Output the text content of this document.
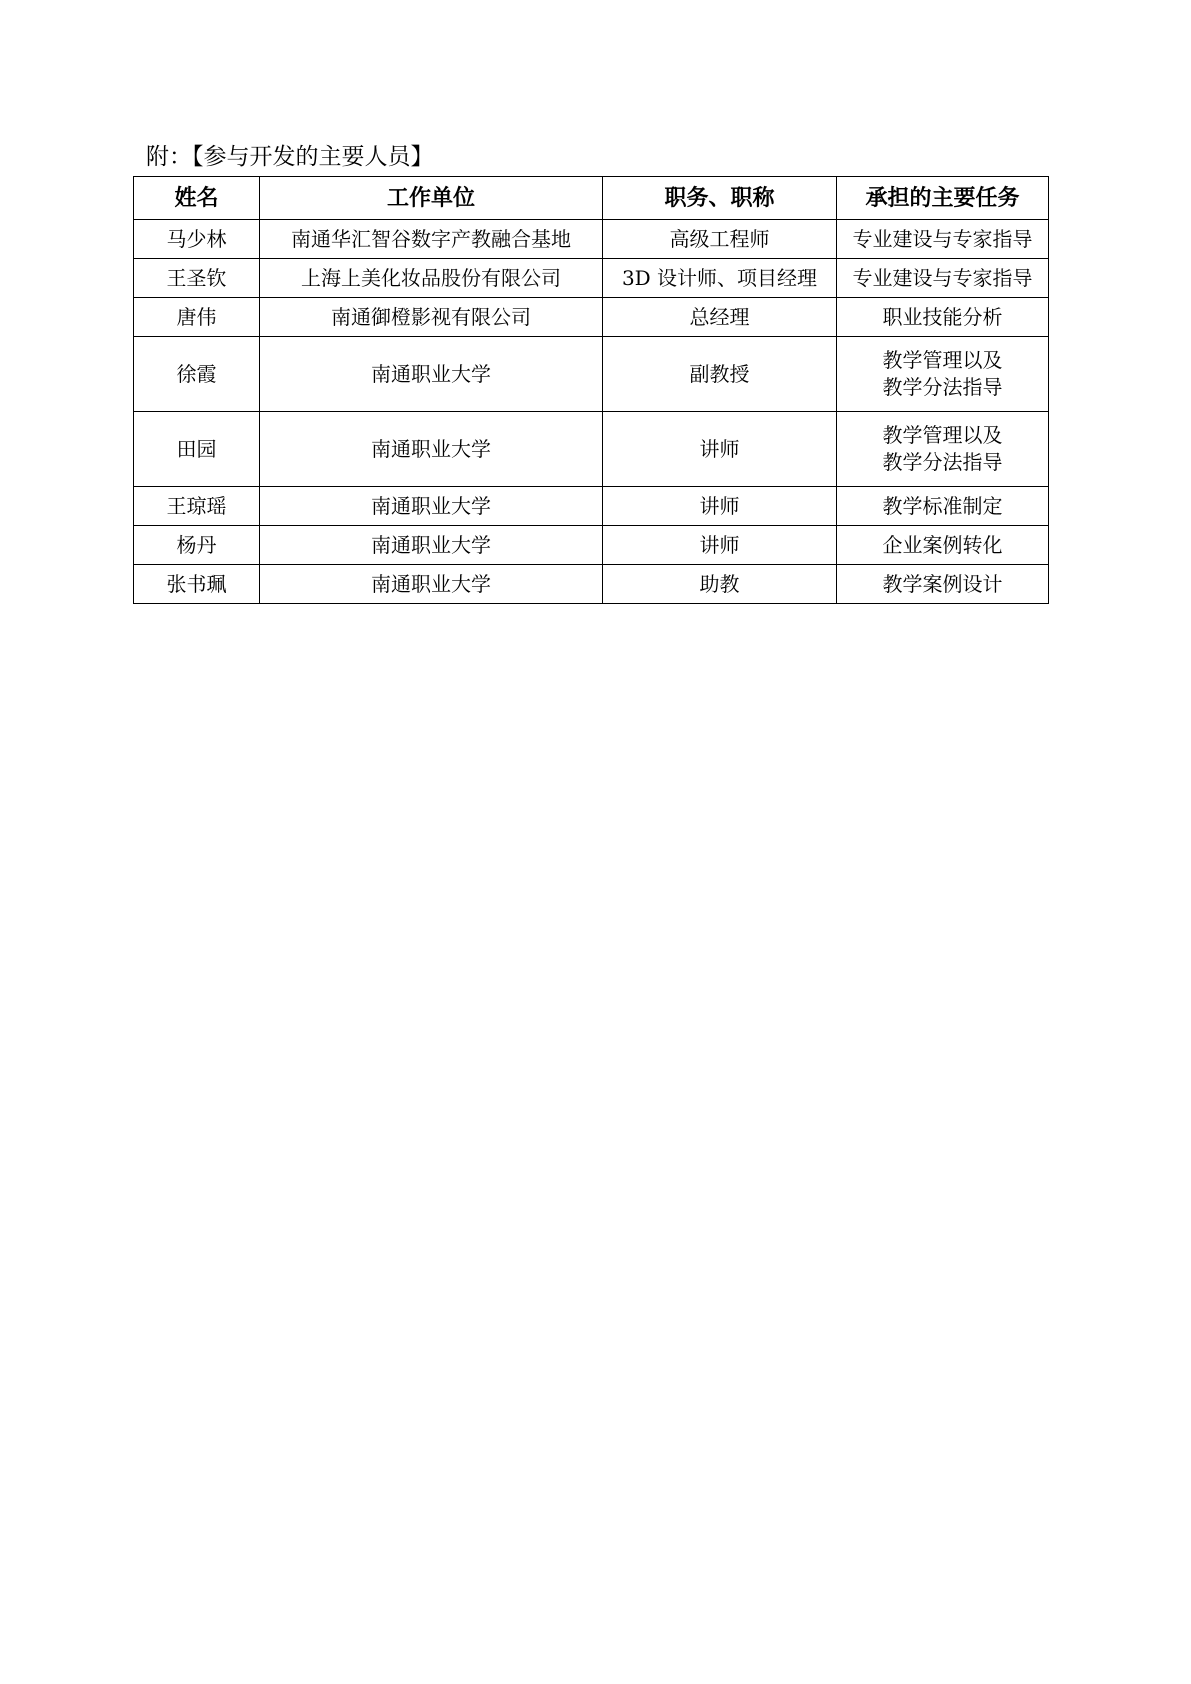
附：【参与开发的主要人员】
姓名	工作单位	职务、职称	承担的主要任务
马少林	南通华汇智谷数字产教融合基地	高级工程师	专业建设与专家指导

王圣钦	上海上美化妆品股份有限公司	3D 设计师、项目经理	专业建设与专家指导

唐伟	南通御橙影视有限公司	总经理	职业技能分析

徐霞	南通职业大学	副教授	教学管理以及
教学分法指导

田园	南通职业大学	讲师	教学管理以及
教学分法指导

王琼瑶	南通职业大学	讲师	教学标准制定

杨丹	南通职业大学	讲师	企业案例转化

张书珮	南通职业大学	助教	教学案例设计
